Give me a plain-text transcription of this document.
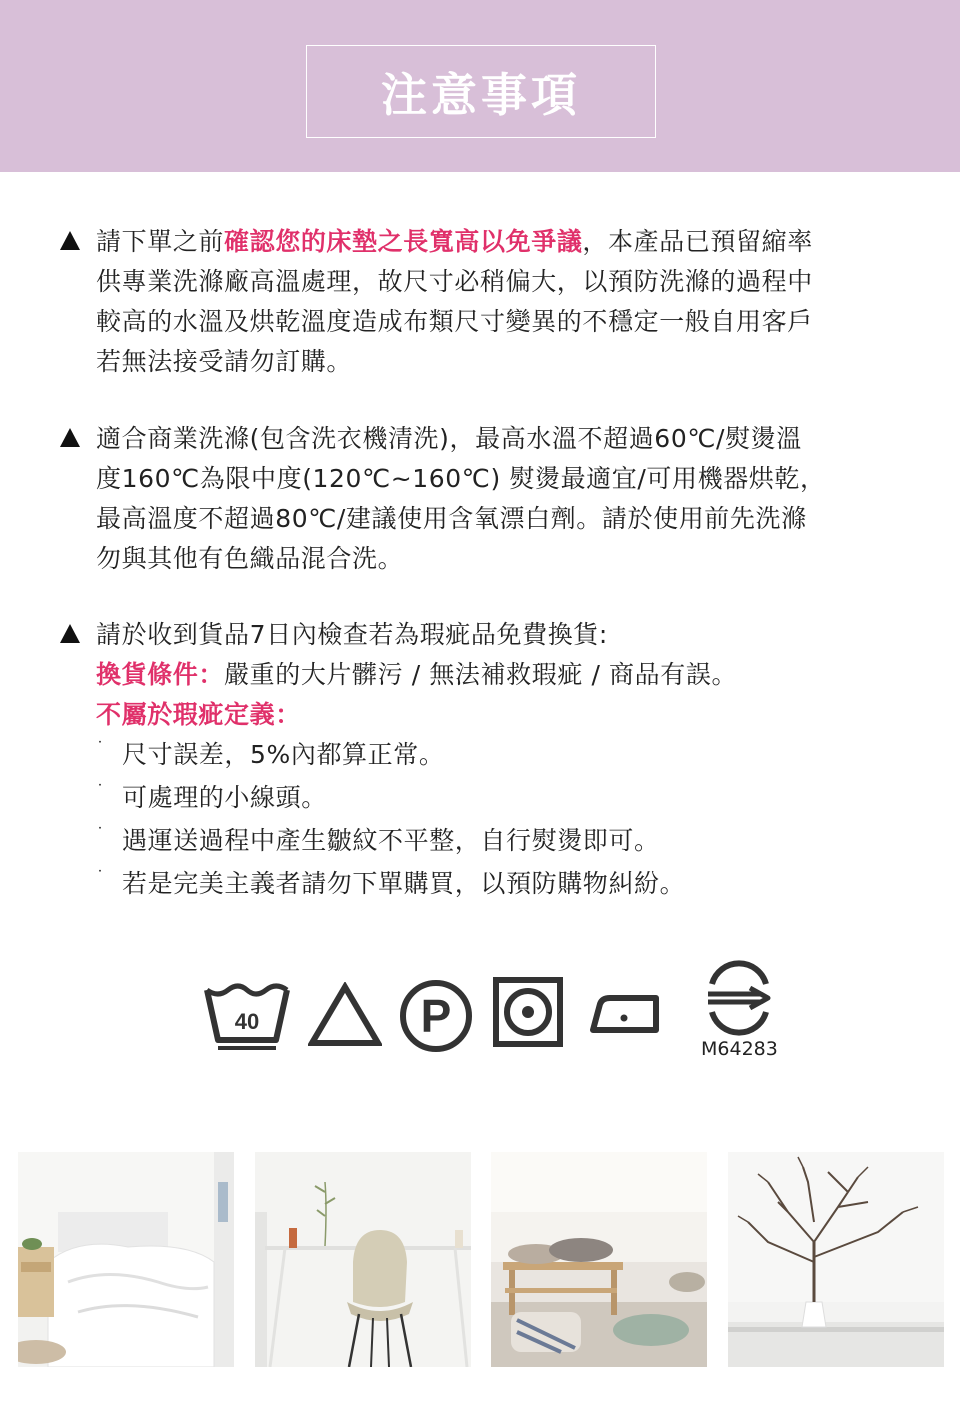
注意事項
請下單之前確認您的床墊之長寬高以免爭議，本產品已預留縮率
供專業洗滌廠高溫處理，故尺寸必稍偏大，以預防洗滌的過程中
較高的水溫及烘乾溫度造成布類尺寸變異的不穩定一般自用客戶
若無法接受請勿訂購。
適合商業洗滌(包含洗衣機清洗)，最高水溫不超過60℃/熨燙溫
度160℃為限中度(120℃~160℃) 熨燙最適宜/可用機器烘乾，
最高溫度不超過80℃/建議使用含氧漂白劑。請於使用前先洗滌
勿與其他有色織品混合洗。
請於收到貨品7日內檢查若為瑕疵品免費換貨:
換貨條件：嚴重的大片髒污 / 無法補救瑕疵 / 商品有誤。
不屬於瑕疵定義：
˙ 尺寸誤差，5%內都算正常。
˙ 可處理的小線頭。
˙ 遇運送過程中產生皺紋不平整，自行熨燙即可。
˙ 若是完美主義者請勿下單購買，以預防購物糾紛。
40	P
M64283
